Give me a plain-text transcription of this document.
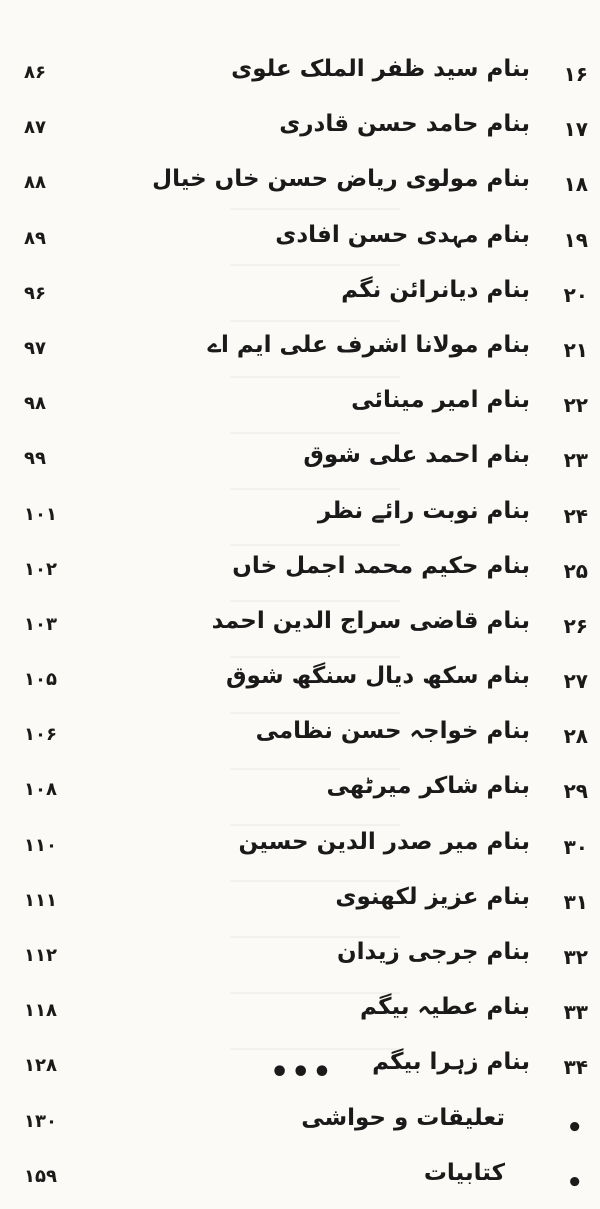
۱۶
بنام سید ظفر الملک علوی
۸۶
۱۷
بنام حامد حسن قادری
۸۷
۱۸
بنام مولوی ریاض حسن خاں خیال
۸۸
۱۹
بنام مہدی حسن افادی
۸۹
۲۰
بنام دیانرائن نگم
۹۶
۲۱
بنام مولانا اشرف علی ایم اے
۹۷
۲۲
بنام امیر مینائی
۹۸
۲۳
بنام احمد علی شوق
۹۹
۲۴
بنام نوبت رائے نظر
۱۰۱
۲۵
بنام حکیم محمد اجمل خاں
۱۰۲
۲۶
بنام قاضی سراج الدین احمد
۱۰۳
۲۷
بنام سکھ دیال سنگھ شوق
۱۰۵
۲۸
بنام خواجہ حسن نظامی
۱۰۶
۲۹
بنام شاکر میرٹھی
۱۰۸
۳۰
بنام میر صدر الدین حسین
۱۱۰
۳۱
بنام عزیز لکھنوی
۱۱۱
۳۲
بنام جرجی زیدان
۱۱۲
۳۳
بنام عطیہ بیگم
۱۱۸
۳۴
بنام زہرا بیگم
۱۲۸
•
تعلیقات و حواشی
۱۳۰
•
کتابیات
۱۵۹
•••
